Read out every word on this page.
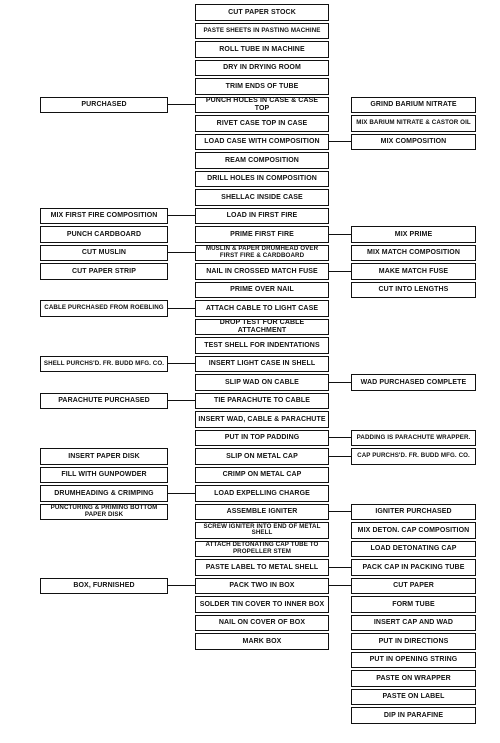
CUT PAPER STOCK
PASTE SHEETS IN PASTING MACHINE
ROLL TUBE IN MACHINE
DRY IN DRYING ROOM
TRIM ENDS OF TUBE
PUNCH HOLES IN CASE & CASE TOP
RIVET CASE TOP IN CASE
LOAD CASE WITH COMPOSITION
REAM COMPOSITION
DRILL HOLES IN COMPOSITION
SHELLAC INSIDE CASE
LOAD IN FIRST FIRE
PRIME FIRST FIRE
MUSLIN & PAPER DRUMHEAD OVER FIRST FIRE & CARDBOARD
NAIL IN CROSSED MATCH FUSE
PRIME OVER NAIL
ATTACH CABLE TO LIGHT CASE
DROP TEST FOR CABLE ATTACHMENT
TEST SHELL FOR INDENTATIONS
INSERT LIGHT CASE IN SHELL
SLIP WAD ON CABLE
TIE PARACHUTE TO CABLE
INSERT WAD, CABLE & PARACHUTE
PUT IN TOP PADDING
SLIP ON METAL CAP
CRIMP ON METAL CAP
LOAD EXPELLING CHARGE
ASSEMBLE IGNITER
SCREW IGNITER INTO END OF METAL SHELL
ATTACH DETONATING CAP TUBE TO PROPELLER STEM
PASTE LABEL TO METAL SHELL
PACK TWO IN BOX
SOLDER TIN COVER TO INNER BOX
NAIL ON COVER OF BOX
MARK BOX
PURCHASED
MIX FIRST FIRE COMPOSITION
PUNCH CARDBOARD
CUT MUSLIN
CUT PAPER STRIP
CABLE PURCHASED FROM ROEBLING
SHELL PURCHS'D. FR. BUDD MFG. CO.
PARACHUTE PURCHASED
INSERT PAPER DISK
FILL WITH GUNPOWDER
DRUMHEADING & CRIMPING
PUNCTURING & PRIMING BOTTOM PAPER DISK
BOX, FURNISHED
GRIND BARIUM NITRATE
MIX BARIUM NITRATE & CASTOR OIL
MIX COMPOSITION
MIX PRIME
MIX MATCH COMPOSITION
MAKE MATCH FUSE
CUT INTO LENGTHS
WAD PURCHASED COMPLETE
PADDING IS PARACHUTE WRAPPER.
CAP PURCHS'D. FR. BUDD MFG. CO.
IGNITER PURCHASED
MIX DETON. CAP COMPOSITION
LOAD DETONATING CAP
PACK CAP IN PACKING TUBE
CUT PAPER
FORM TUBE
INSERT CAP AND WAD
PUT IN DIRECTIONS
PUT IN OPENING STRING
PASTE ON WRAPPER
PASTE ON LABEL
DIP IN PARAFINE
